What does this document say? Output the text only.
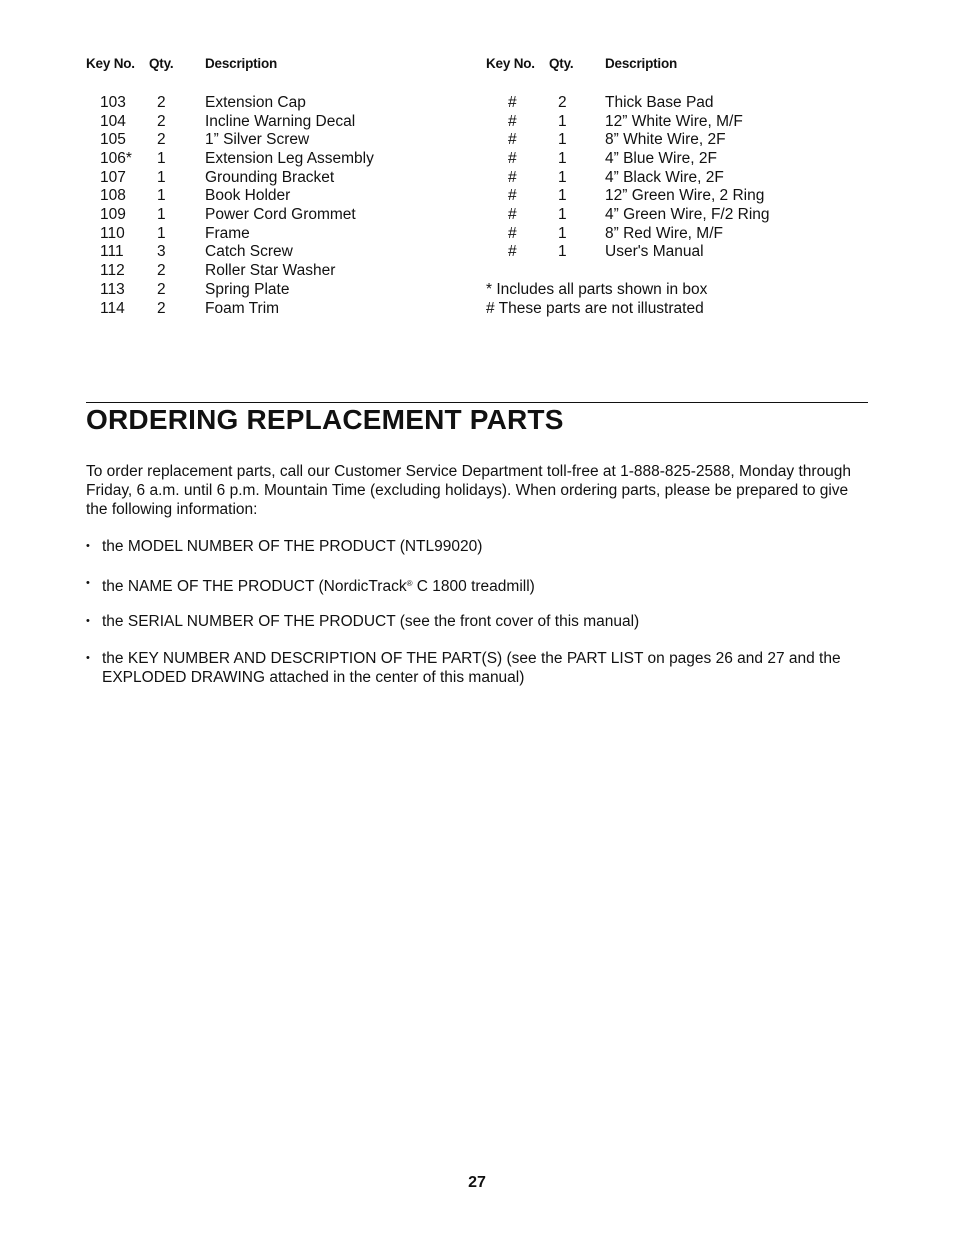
Key No. Qty. Description	Key No. Qty. Description
103 2	Extension Cap
104 2	Incline Warning Decal
105 2	1” Silver Screw
106* 1	Extension Leg Assembly
107 1	Grounding Bracket
108 1	Book Holder
109 1	Power Cord Grommet
110 1	Frame
111 3	Catch Screw
112 2	Roller Star Washer
113 2	Spring Plate
114 2	Foam Trim
#	2 Thick Base Pad
#	1 12” White Wire, M/F
#	1 8” White Wire, 2F
#	1 4” Blue Wire, 2F
#	1 4” Black Wire, 2F
#	1 12” Green Wire, 2 Ring
#	1 4” Green Wire, F/2 Ring
#	1 8” Red Wire, M/F
#	1 User's Manual
* Includes all parts shown in box
# These parts are not illustrated
ORDERING REPLACEMENT PARTS
To order replacement parts, call our Customer Service Department toll-free at 1-888-825-2588, Monday through Friday, 6 a.m. until 6 p.m. Mountain Time (excluding holidays). When ordering parts, please be prepared to give the following information:
• the MODEL NUMBER OF THE PRODUCT (NTL99020)
• the NAME OF THE PRODUCT (NordicTrack® C 1800 treadmill)
• the SERIAL NUMBER OF THE PRODUCT (see the front cover of this manual)
• the KEY NUMBER AND DESCRIPTION OF THE PART(S) (see the PART LIST on pages 26 and 27 and the EXPLODED DRAWING attached in the center of this manual)
27
